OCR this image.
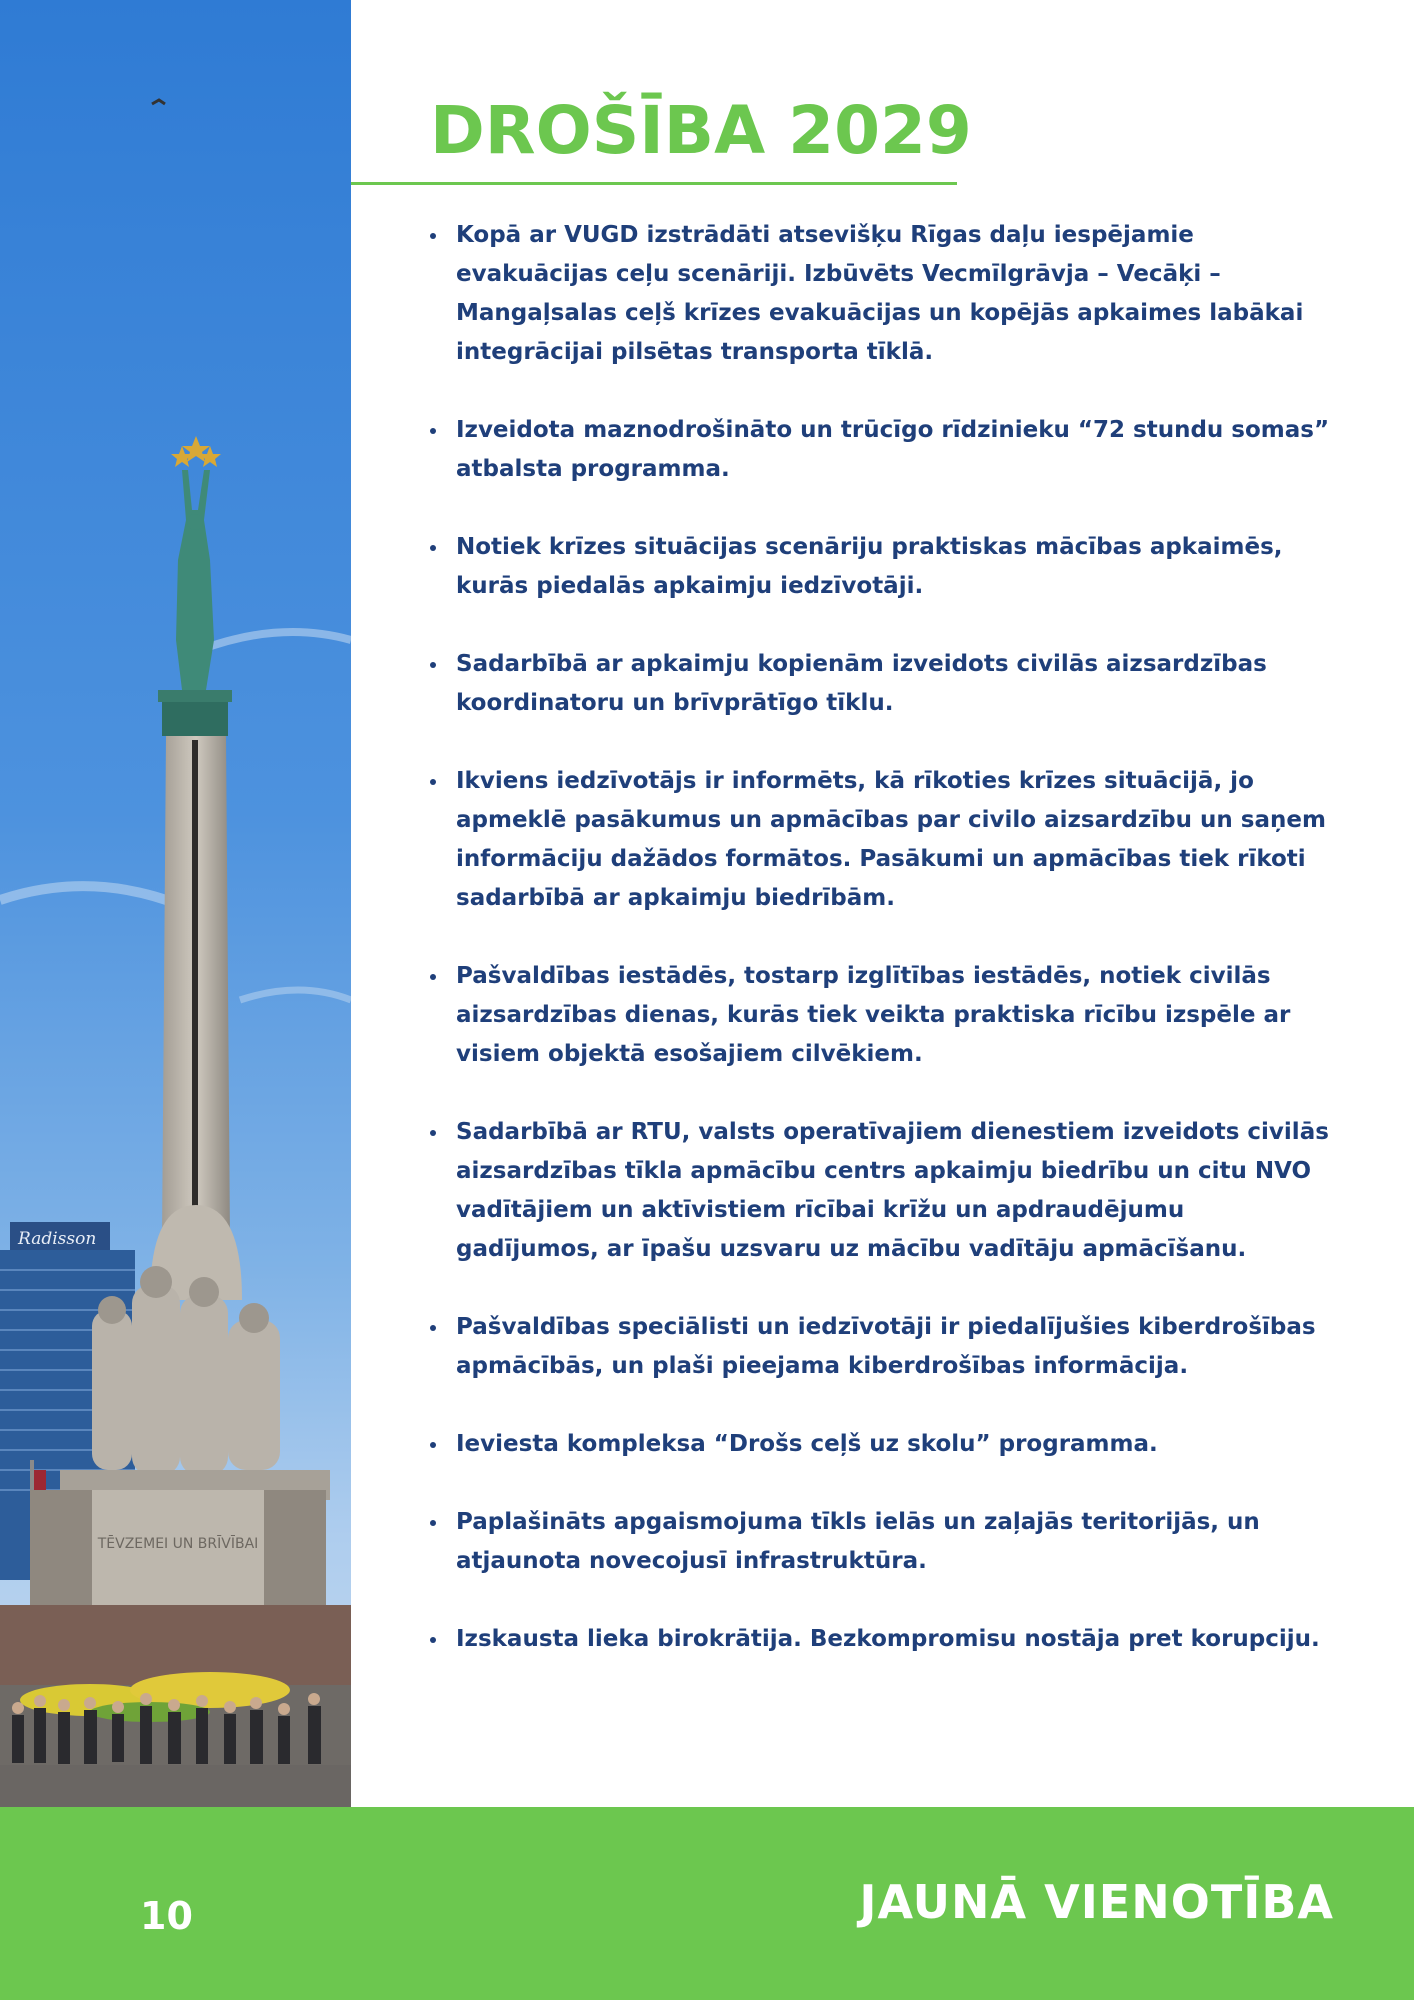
Radisson
TĒVZEMEI UN BRĪVĪBAI
DROŠĪBA 2029
Kopā ar VUGD izstrādāti atsevišķu Rīgas daļu iespējamie evakuācijas ceļu scenāriji. Izbūvēts Vecmīlgrāvja – Vecāķi – Mangaļsalas ceļš krīzes evakuācijas un kopējās apkaimes labākai integrācijai pilsētas transporta tīklā.
Izveidota maznodrošināto un trūcīgo rīdzinieku “72 stundu somas” atbalsta programma.
Notiek krīzes situācijas scenāriju praktiskas mācības apkaimēs, kurās piedalās apkaimju iedzīvotāji.
Sadarbībā ar apkaimju kopienām izveidots civilās aizsardzības koordinatoru un brīvprātīgo tīklu.
Ikviens iedzīvotājs ir informēts, kā rīkoties krīzes situācijā, jo apmeklē pasākumus un apmācības par civilo aizsardzību un saņem informāciju dažādos formātos. Pasākumi un apmācības tiek rīkoti sadarbībā ar apkaimju biedrībām.
Pašvaldības iestādēs, tostarp izglītības iestādēs, notiek civilās aizsardzības dienas, kurās tiek veikta praktiska rīcību izspēle ar visiem objektā esošajiem cilvēkiem.
Sadarbībā ar RTU, valsts operatīvajiem dienestiem izveidots civilās aizsardzības tīkla apmācību centrs apkaimju biedrību un citu NVO vadītājiem un aktīvistiem rīcībai krīžu un apdraudējumu gadījumos, ar īpašu uzsvaru uz mācību vadītāju apmācīšanu.
Pašvaldības speciālisti un iedzīvotāji ir piedalījušies kiberdrošības apmācībās, un plaši pieejama kiberdrošības informācija.
Ieviesta kompleksa “Drošs ceļš uz skolu” programma.
Paplašināts apgaismojuma tīkls ielās un zaļajās teritorijās, un atjaunota novecojusī infrastruktūra.
Izskausta lieka birokrātija. Bezkompromisu nostāja pret korupciju.
10	JAUNĀ VIENOTĪBA
